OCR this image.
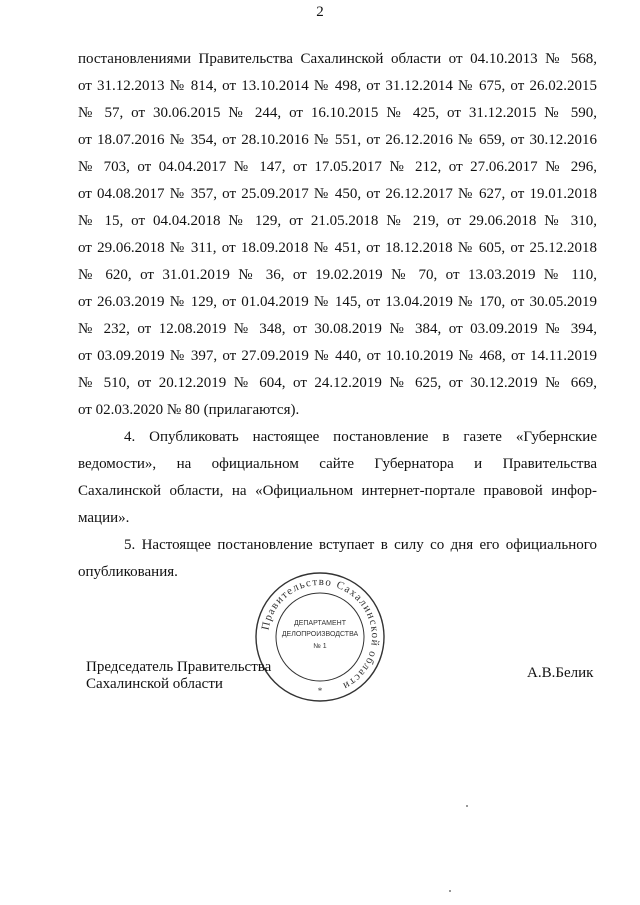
2
постановлениями Правительства Сахалинской области от 04.10.2013 № 568,
от 31.12.2013 № 814, от 13.10.2014 № 498, от 31.12.2014 № 675, от 26.02.2015
№ 57, от 30.06.2015 № 244, от 16.10.2015 № 425, от 31.12.2015 № 590,
от 18.07.2016 № 354, от 28.10.2016 № 551, от 26.12.2016 № 659, от 30.12.2016
№ 703, от 04.04.2017 № 147, от 17.05.2017 № 212, от 27.06.2017 № 296,
от 04.08.2017 № 357, от 25.09.2017 № 450, от 26.12.2017 № 627, от 19.01.2018
№ 15, от 04.04.2018 № 129, от 21.05.2018 № 219, от 29.06.2018 № 310,
от 29.06.2018 № 311, от 18.09.2018 № 451, от 18.12.2018 № 605, от 25.12.2018
№ 620, от 31.01.2019 № 36, от 19.02.2019 № 70, от 13.03.2019 № 110,
от 26.03.2019 № 129, от 01.04.2019 № 145, от 13.04.2019 № 170, от 30.05.2019
№ 232, от 12.08.2019 № 348, от 30.08.2019 № 384, от 03.09.2019 № 394,
от 03.09.2019 № 397, от 27.09.2019 № 440, от 10.10.2019 № 468, от 14.11.2019
№ 510, от 20.12.2019 № 604, от 24.12.2019 № 625, от 30.12.2019 № 669,
от 02.03.2020 № 80 (прилагаются).
4. Опубликовать настоящее постановление в газете «Губернские
ведомости», на официальном сайте Губернатора и Правительства
Сахалинской области, на «Официальном интернет-портале правовой инфор-
мации».
5. Настоящее постановление вступает в силу со дня его официального
опубликования.
Правительство Сахалинской области
*
ДЕПАРТАМЕНТ
ДЕЛОПРОИЗВОДСТВА
№ 1
Председатель Правительства
Сахалинской области
А.В.Белик
